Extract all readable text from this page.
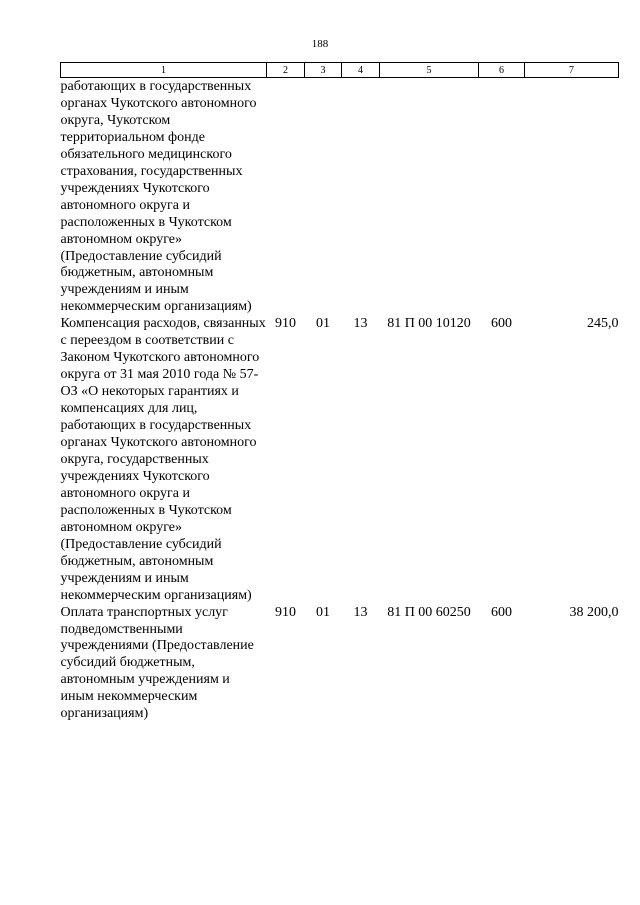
188
1	2	3	4	5	6	7
работающих в государственных органах Чукотского автономного округа, Чукотском территориальном фонде обязательного медицинского страхования, государственных учреждениях Чукотского автономного округа и расположенных в Чукотском автономном округе» (Предоставление субсидий бюджетным, автономным учреждениям и иным некоммерческим организациям)						
Компенсация расходов, связанных с переездом в соответствии с Законом Чукотского автономного округа от 31 мая 2010 года № 57-ОЗ «О некоторых гарантиях и компенсациях для лиц, работающих в государственных органах Чукотского автономного округа, государственных учреждениях Чукотского автономного округа и расположенных в Чукотском автономном округе» (Предоставление субсидий бюджетным, автономным учреждениям и иным некоммерческим организациям)	910	01	13	81 П 00 10120	600	245,0
Оплата транспортных услуг подведомственными учреждениями (Предоставление субсидий бюджетным, автономным учреждениям и иным некоммерческим организациям)	910	01	13	81 П 00 60250	600	38 200,0
